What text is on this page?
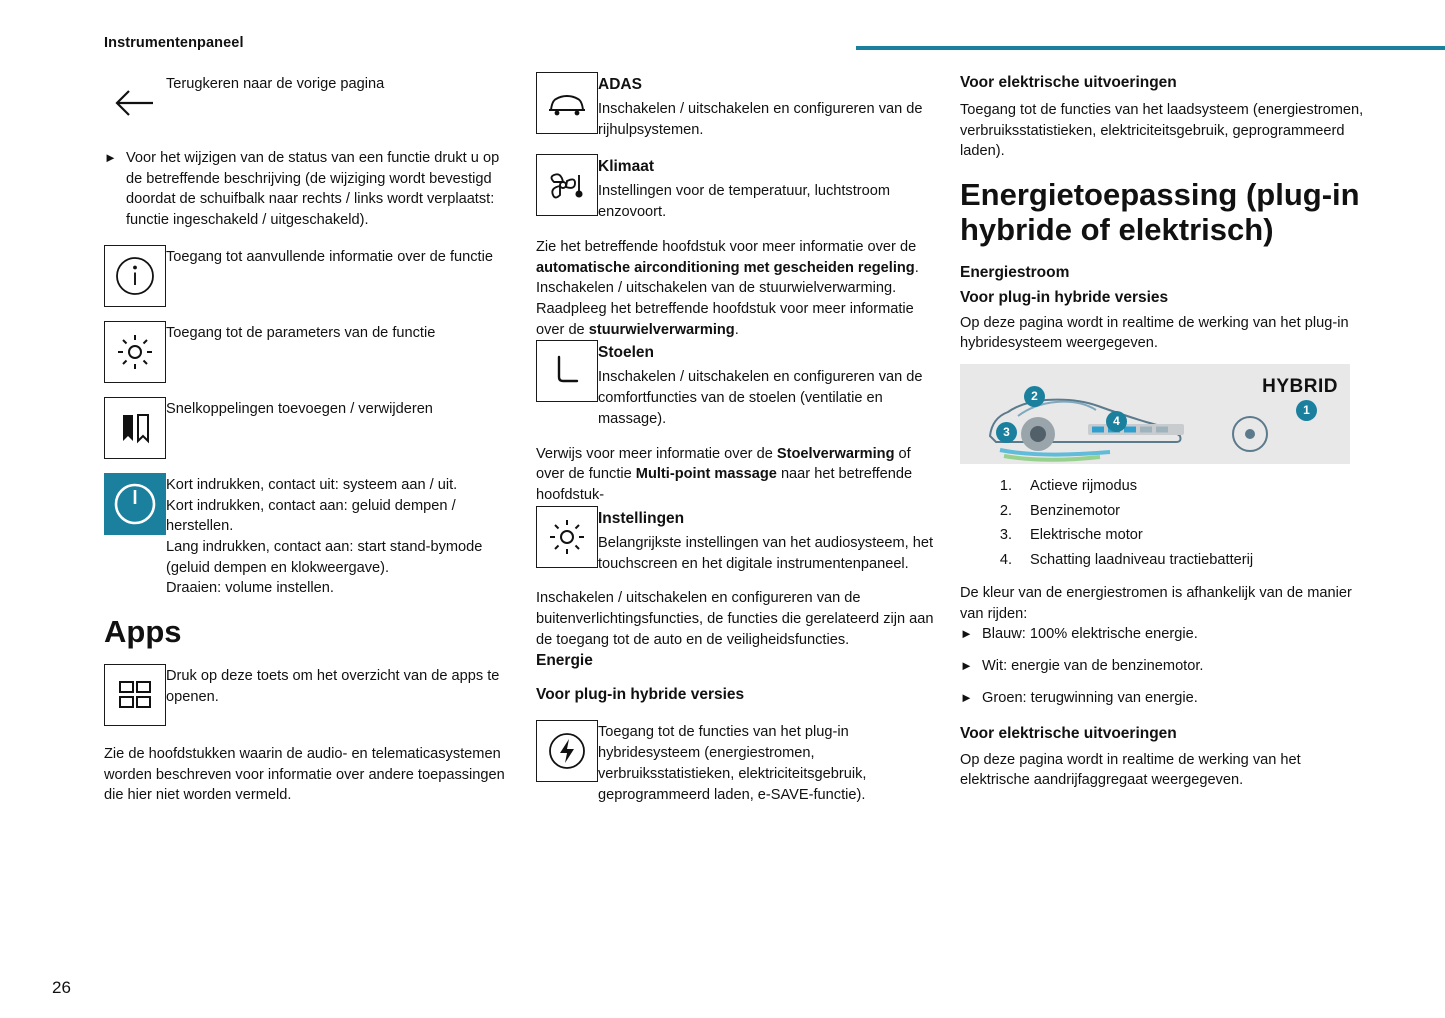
Instrumentenpaneel
Terugkeren naar de vorige pagina
► Voor het wijzigen van de status van een functie drukt u op de betreffende beschrijving (de wijziging wordt bevestigd doordat de schuifbalk naar rechts / links wordt verplaatst: functie ingeschakeld / uitgeschakeld).
Toegang tot aanvullende informatie over de functie
Toegang tot de parameters van de functie
Snelkoppelingen toevoegen / verwijderen
Kort indrukken, contact uit: systeem aan / uit.
Kort indrukken, contact aan: geluid dempen / herstellen.
Lang indrukken, contact aan: start stand-bymode (geluid dempen en klokweergave).
Draaien: volume instellen.
Apps
Druk op deze toets om het overzicht van de apps te openen.

Zie de hoofdstukken waarin de audio- en telematicasystemen worden beschreven voor informatie over andere toepassingen die hier niet worden vermeld.

ADAS
Inschakelen / uitschakelen en configureren van de rijhulpsystemen.
Klimaat
Instellingen voor de temperatuur, luchtstroom enzovoort.

Zie het betreffende hoofdstuk voor meer informatie over de automatische airconditioning met gescheiden regeling.

Inschakelen / uitschakelen van de stuurwielverwarming.

Raadpleeg het betreffende hoofdstuk voor meer informatie over de stuurwielverwarming.

Stoelen
Inschakelen / uitschakelen en configureren van de comfortfuncties van de stoelen (ventilatie en massage).

Verwijs voor meer informatie over de Stoelverwarming of over de functie Multi-point massage naar het betreffende hoofdstuk-

Instellingen
Belangrijkste instellingen van het audiosysteem, het touchscreen en het digitale instrumentenpaneel.

Inschakelen / uitschakelen en configureren van de buitenverlichtingsfuncties, de functies die gerelateerd zijn aan de toegang tot de auto en de veiligheidsfuncties.

Energie
Voor plug-in hybride versies
Toegang tot de functies van het plug-in hybridesysteem (energiestromen, verbruiksstatistieken, elektriciteitsgebruik, geprogrammeerd laden, e-SAVE-functie).
Voor elektrische uitvoeringen

Toegang tot de functies van het laadsysteem (energiestromen, verbruiksstatistieken, elektriciteitsgebruik, geprogrammeerd laden).

Energietoepassing (plug-in hybride of elektrisch)
Energiestroom
Voor plug-in hybride versies

Op deze pagina wordt in realtime de werking van het plug-in hybridesysteem weergegeven.

HYBRID
2
3
4
1
Actieve rijmodus
Benzinemotor
Elektrische motor
Schatting laadniveau tractiebatterij

De kleur van de energiestromen is afhankelijk van de manier van rijden:

► Blauw: 100% elektrische energie.
► Wit: energie van de benzinemotor.
► Groen: terugwinning van energie.
Voor elektrische uitvoeringen

Op deze pagina wordt in realtime de werking van het elektrische aandrijfaggregaat weergegeven.

26
